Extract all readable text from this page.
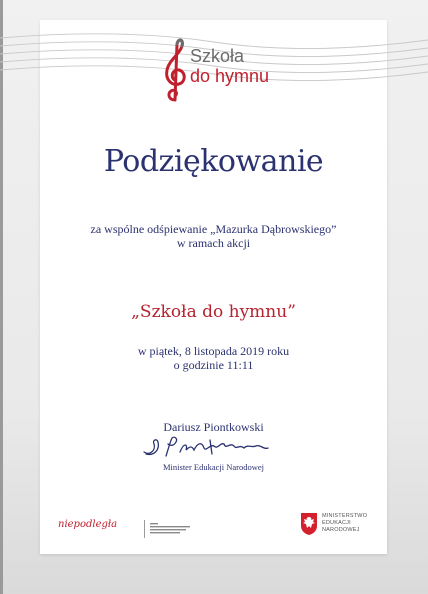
Szkoła
do hymnu
Podziękowanie
za wspólne odśpiewanie „Mazurka Dąbrowskiego”
w ramach akcji
„Szkoła do hymnu”
w piątek, 8 listopada 2019 roku
o godzinie 11:11
Dariusz Piontkowski
Minister Edukacji Narodowej
niepodległa
MINISTERSTWO
EDUKACJI
NARODOWEJ
